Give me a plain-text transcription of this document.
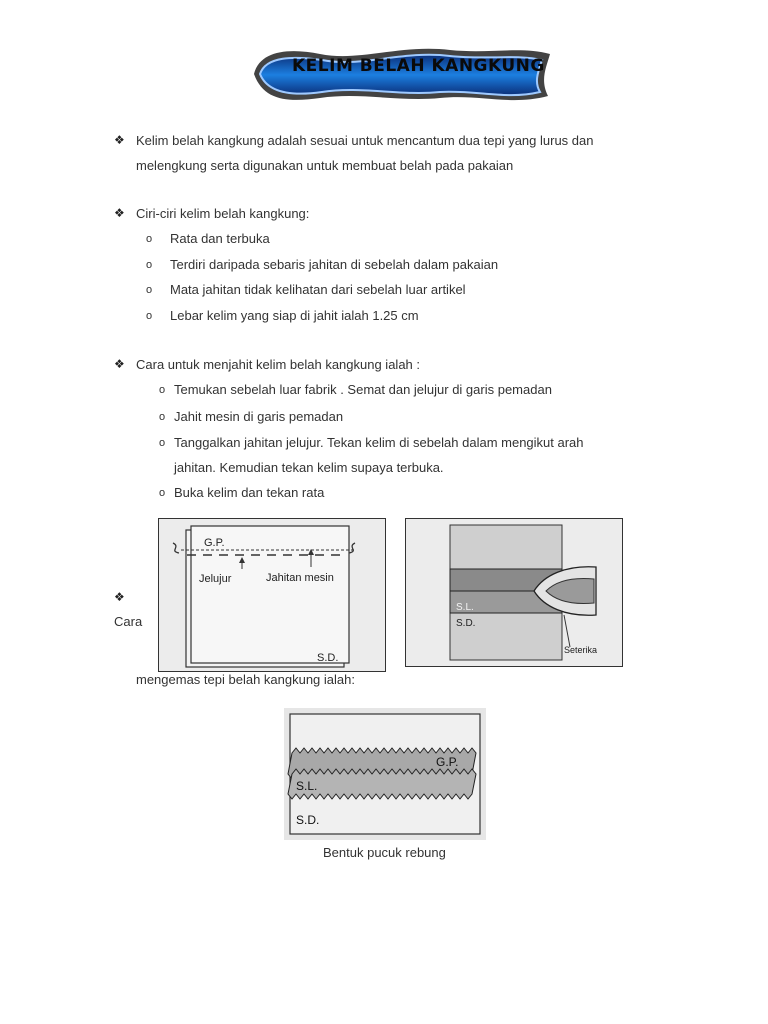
KELIM BELAH KANGKUNG
❖ Kelim belah kangkung adalah sesuai untuk mencantum dua tepi yang lurus dan
melengkung serta digunakan untuk membuat belah pada pakaian
❖ Ciri-ciri kelim belah kangkung:
o Rata dan terbuka
o Terdiri daripada sebaris jahitan di sebelah dalam pakaian
o Mata jahitan tidak kelihatan dari sebelah luar artikel
o Lebar kelim yang siap di jahit ialah 1.25 cm
❖ Cara untuk menjahit kelim belah kangkung ialah :
o Temukan sebelah luar fabrik . Semat dan jelujur di garis pemadan
o Jahit mesin di garis pemadan
o Tanggalkan jahitan jelujur. Tekan kelim di sebelah dalam mengikut arah
jahitan. Kemudian tekan kelim supaya terbuka.
o Buka kelim dan tekan rata
❖
Cara
mengemas tepi belah kangkung ialah:
G.P.
Jelujur	Jahitan mesin
S.D.
S.L.
S.D.
Seterika
G.P.
S.L.
S.D.
Bentuk pucuk rebung
